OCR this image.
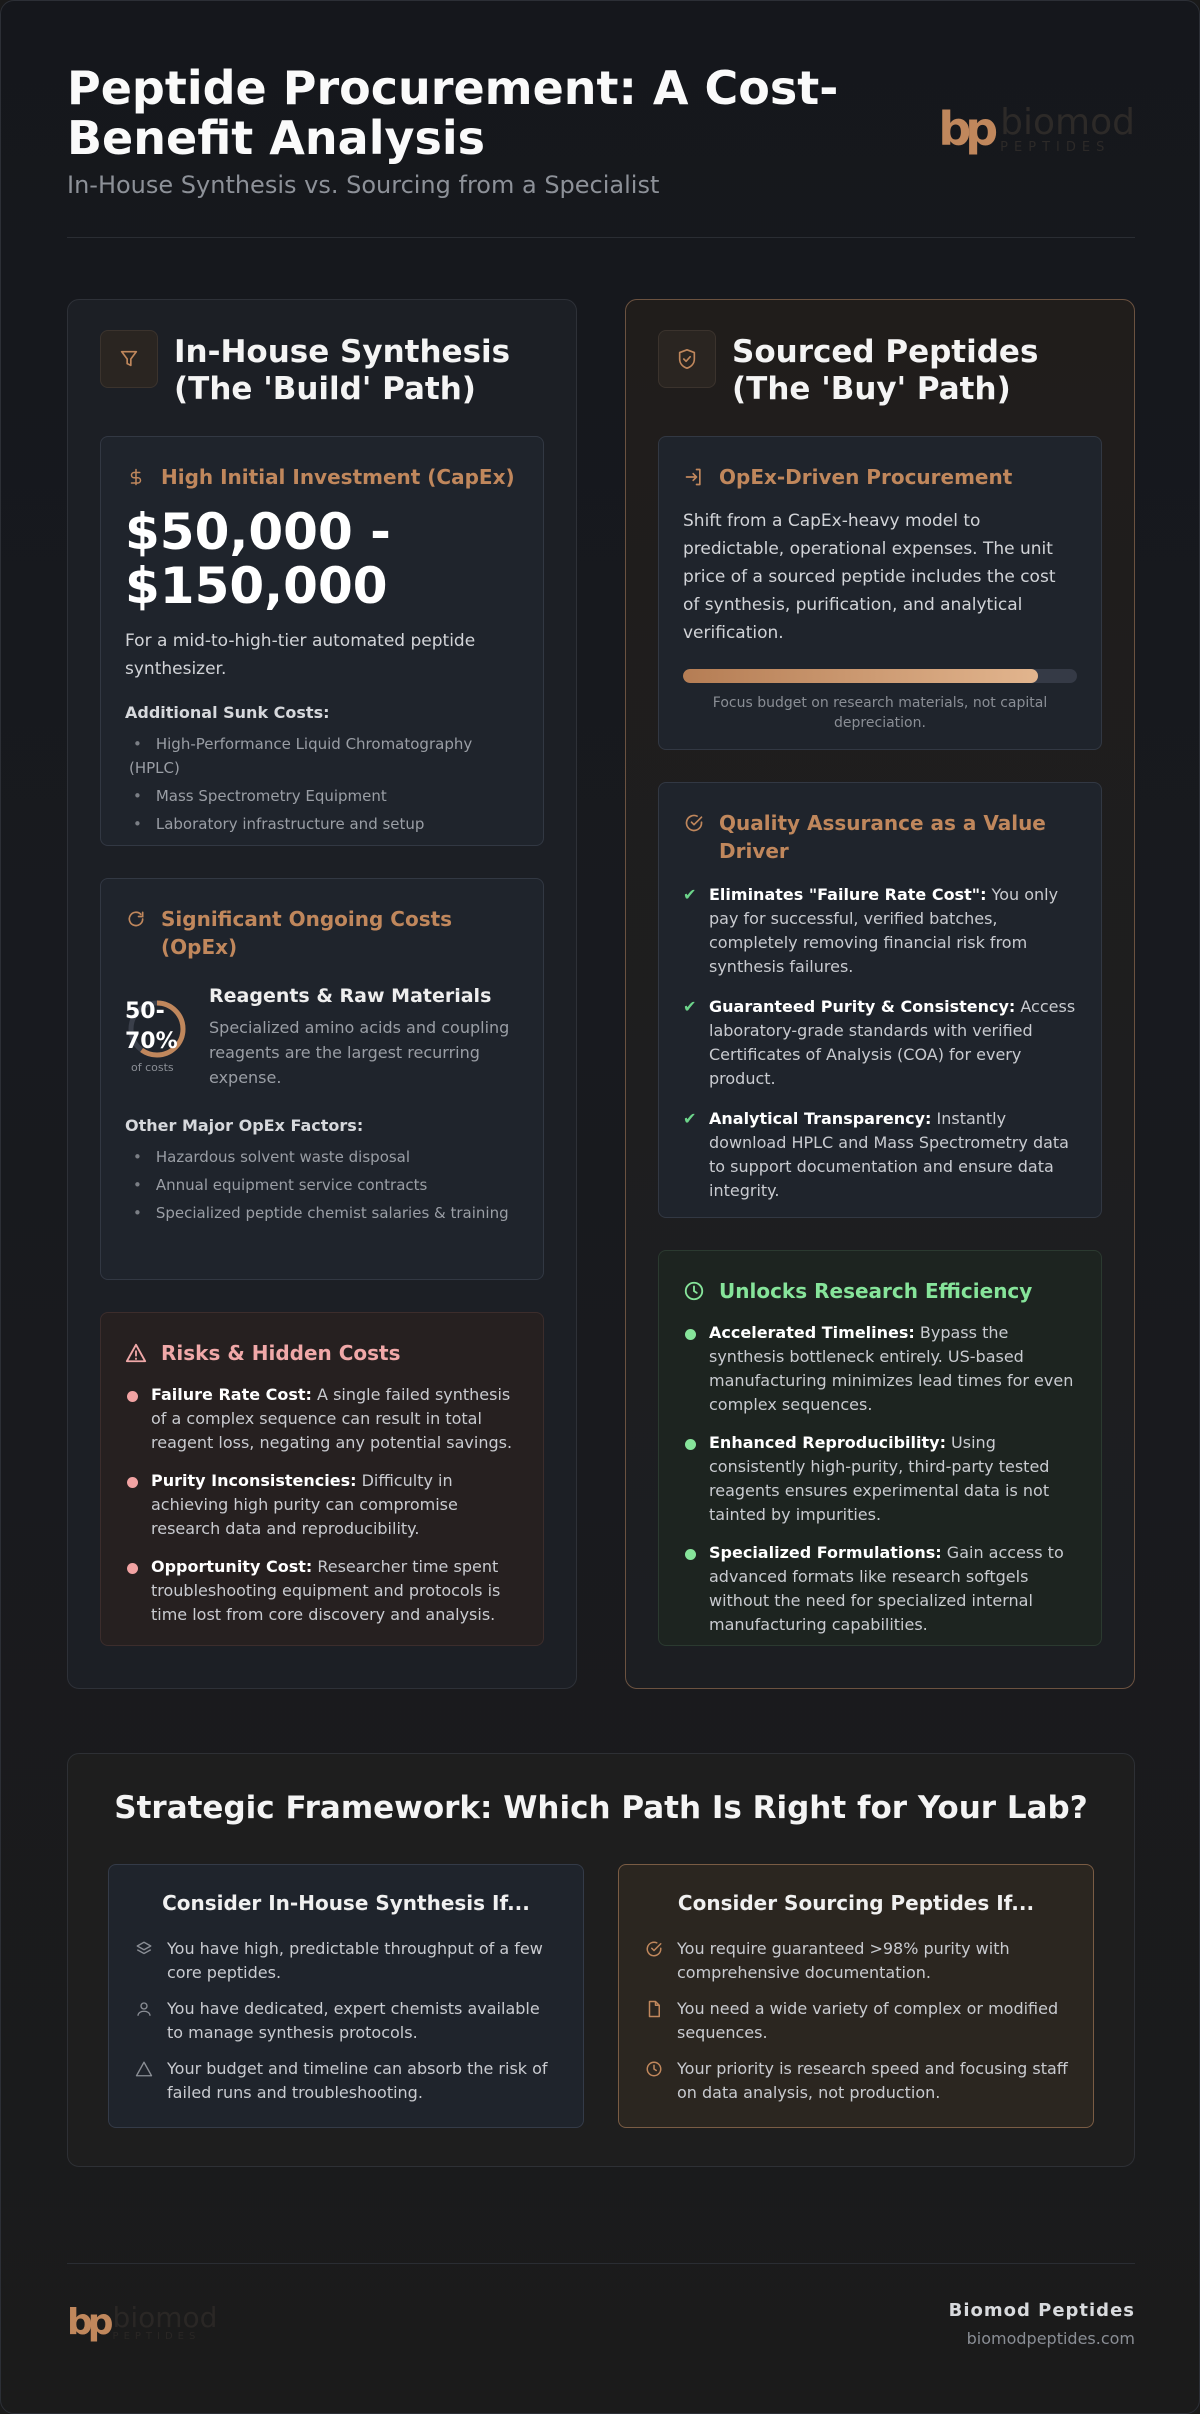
Peptide Procurement: A Cost-Benefit Analysis
In-House Synthesis vs. Sourcing from a Specialist
bp biomod
PEPTIDES
In-House Synthesis (The 'Build' Path)
High Initial Investment (CapEx)
$50,000 - $150,000
For a mid-to-high-tier automated peptide synthesizer.
Additional Sunk Costs:
• High-Performance Liquid Chromatography (HPLC)
• Mass Spectrometry Equipment
• Laboratory infrastructure and setup
Significant Ongoing Costs (OpEx)
50-70%
of costs
Reagents & Raw Materials
Specialized amino acids and coupling reagents are the largest recurring expense.
Other Major OpEx Factors:
• Hazardous solvent waste disposal
• Annual equipment service contracts
• Specialized peptide chemist salaries & training
Risks & Hidden Costs
Failure Rate Cost: A single failed synthesis of a complex sequence can result in total reagent loss, negating any potential savings.
Purity Inconsistencies: Difficulty in achieving high purity can compromise research data and reproducibility.
Opportunity Cost: Researcher time spent troubleshooting equipment and protocols is time lost from core discovery and analysis.
Sourced Peptides (The 'Buy' Path)
OpEx-Driven Procurement
Shift from a CapEx-heavy model to predictable, operational expenses. The unit price of a sourced peptide includes the cost of synthesis, purification, and analytical verification.
Focus budget on research materials, not capital depreciation.
Quality Assurance as a Value Driver
✔ Eliminates "Failure Rate Cost": You only pay for successful, verified batches, completely removing financial risk from synthesis failures.
✔ Guaranteed Purity & Consistency: Access laboratory-grade standards with verified Certificates of Analysis (COA) for every product.
✔ Analytical Transparency: Instantly download HPLC and Mass Spectrometry data to support documentation and ensure data integrity.
Unlocks Research Efficiency
Accelerated Timelines: Bypass the synthesis bottleneck entirely. US-based manufacturing minimizes lead times for even complex sequences.
Enhanced Reproducibility: Using consistently high-purity, third-party tested reagents ensures experimental data is not tainted by impurities.
Specialized Formulations: Gain access to advanced formats like research softgels without the need for specialized internal manufacturing capabilities.
Strategic Framework: Which Path Is Right for Your Lab?
Consider In-House Synthesis If...
You have high, predictable throughput of a few core peptides.
You have dedicated, expert chemists available to manage synthesis protocols.
Your budget and timeline can absorb the risk of failed runs and troubleshooting.
Consider Sourcing Peptides If...
You require guaranteed >98% purity with comprehensive documentation.
You need a wide variety of complex or modified sequences.
Your priority is research speed and focusing staff on data analysis, not production.
bp biomod
PEPTIDES
Biomod Peptides
biomodpeptides.com
